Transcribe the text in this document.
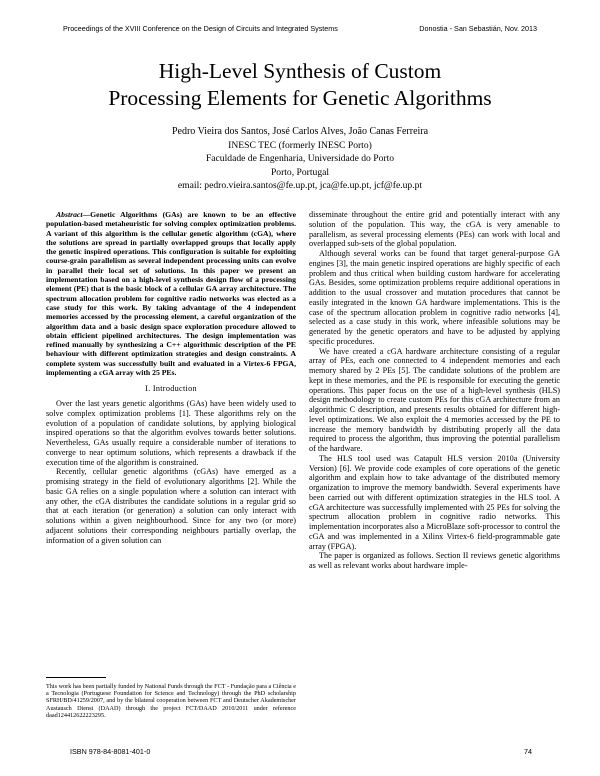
Proceedings of the XVIII Conference on the Design of Circuits and Integrated Systems	Donostia - San Sebastián, Nov. 2013
High-Level Synthesis of Custom
Processing Elements for Genetic Algorithms
Pedro Vieira dos Santos, José Carlos Alves, João Canas Ferreira
INESC TEC (formerly INESC Porto)
Faculdade de Engenharia, Universidade do Porto
Porto, Portugal
email: pedro.vieira.santos@fe.up.pt, jca@fe.up.pt, jcf@fe.up.pt
Abstract—Genetic Algorithms (GAs) are known to be an effective population-based metaheuristic for solving complex optimization problems. A variant of this algorithm is the cellular genetic algorithm (cGA), where the solutions are spread in partially overlapped groups that locally apply the genetic inspired operations. This configuration is suitable for exploiting course-grain parallelism as several independent processing units can evolve in parallel their local set of solutions. In this paper we present an implementation based on a high-level synthesis design flow of a processing element (PE) that is the basic block of a cellular GA array architecture. The spectrum allocation problem for cognitive radio networks was elected as a case study for this work. By taking advantage of the 4 independent memories accessed by the processing element, a careful organization of the algorithm data and a basic design space exploration procedure allowed to obtain efficient pipelined architectures. The design implementation was refined manually by synthesizing a C++ algorithmic description of the PE behaviour with different optimization strategies and design constraints. A complete system was successfully built and evaluated in a Virtex-6 FPGA, implementing a cGA array with 25 PEs.
I. Introduction

Over the last years genetic algorithms (GAs) have been widely used to solve complex optimization problems [1]. These algorithms rely on the evolution of a population of candidate solutions, by applying biological inspired operations so that the algorithm evolves towards better solutions. Nevertheless, GAs usually require a considerable number of iterations to converge to near optimum solutions, which represents a drawback if the execution time of the algorithm is constrained.

Recently, cellular genetic algorithms (cGAs) have emerged as a promising strategy in the field of evolutionary algorithms [2]. While the basic GA relies on a single population where a solution can interact with any other, the cGA distributes the candidate solutions in a regular grid so that at each iteration (or generation) a solution can only interact with solutions within a given neighbourhood. Since for any two (or more) adjacent solutions their corresponding neighbours partially overlap, the information of a given solution can

This work has been partially funded by National Funds through the FCT - Fundação para a Ciência e a Tecnologia (Portuguese Foundation for Science and Technology) through the PhD scholarship SFRH/BD/41259/2007, and by the bilateral cooperation between FCT and Deutscher Akademischer Austausch Dienst (DAAD) through the project FCT/DAAD 2010/2011 under reference daad124412622223295.

disseminate throughout the entire grid and potentially interact with any solution of the population. This way, the cGA is very amenable to parallelism, as several processing elements (PEs) can work with local and overlapped sub-sets of the global population.

Although several works can be found that target general-purpose GA engines [3], the main genetic inspired operations are highly specific of each problem and thus critical when building custom hardware for accelerating GAs. Besides, some optimization problems require additional operations in addition to the usual crossover and mutation procedures that cannot be easily integrated in the known GA hardware implementations. This is the case of the spectrum allocation problem in cognitive radio networks [4], selected as a case study in this work, where infeasible solutions may be generated by the genetic operators and have to be adjusted by applying specific procedures.

We have created a cGA hardware architecture consisting of a regular array of PEs, each one connected to 4 independent memories and each memory shared by 2 PEs [5]. The candidate solutions of the problem are kept in these memories, and the PE is responsible for executing the genetic operations. This paper focus on the use of a high-level synthesis (HLS) design methodology to create custom PEs for this cGA architecture from an algorithmic C description, and presents results obtained for different high-level optimizations. We also exploit the 4 memories accessed by the PE to increase the memory bandwidth by distributing properly all the data required to process the algorithm, thus improving the potential parallelism of the hardware.

The HLS tool used was Catapult HLS version 2010a (University Version) [6]. We provide code examples of core operations of the genetic algorithm and explain how to take advantage of the distributed memory organization to improve the memory bandwidth. Several experiments have been carried out with different optimization strategies in the HLS tool. A cGA architecture was successfully implemented with 25 PEs for solving the spectrum allocation problem in cognitive radio networks. This implementation incorporates also a MicroBlaze soft-processor to control the cGA and was implemented in a Xilinx Virtex-6 field-programmable gate array (FPGA).

The paper is organized as follows. Section II reviews genetic algorithms as well as relevant works about hardware imple-

ISBN 978-84-8081-401-0	74
